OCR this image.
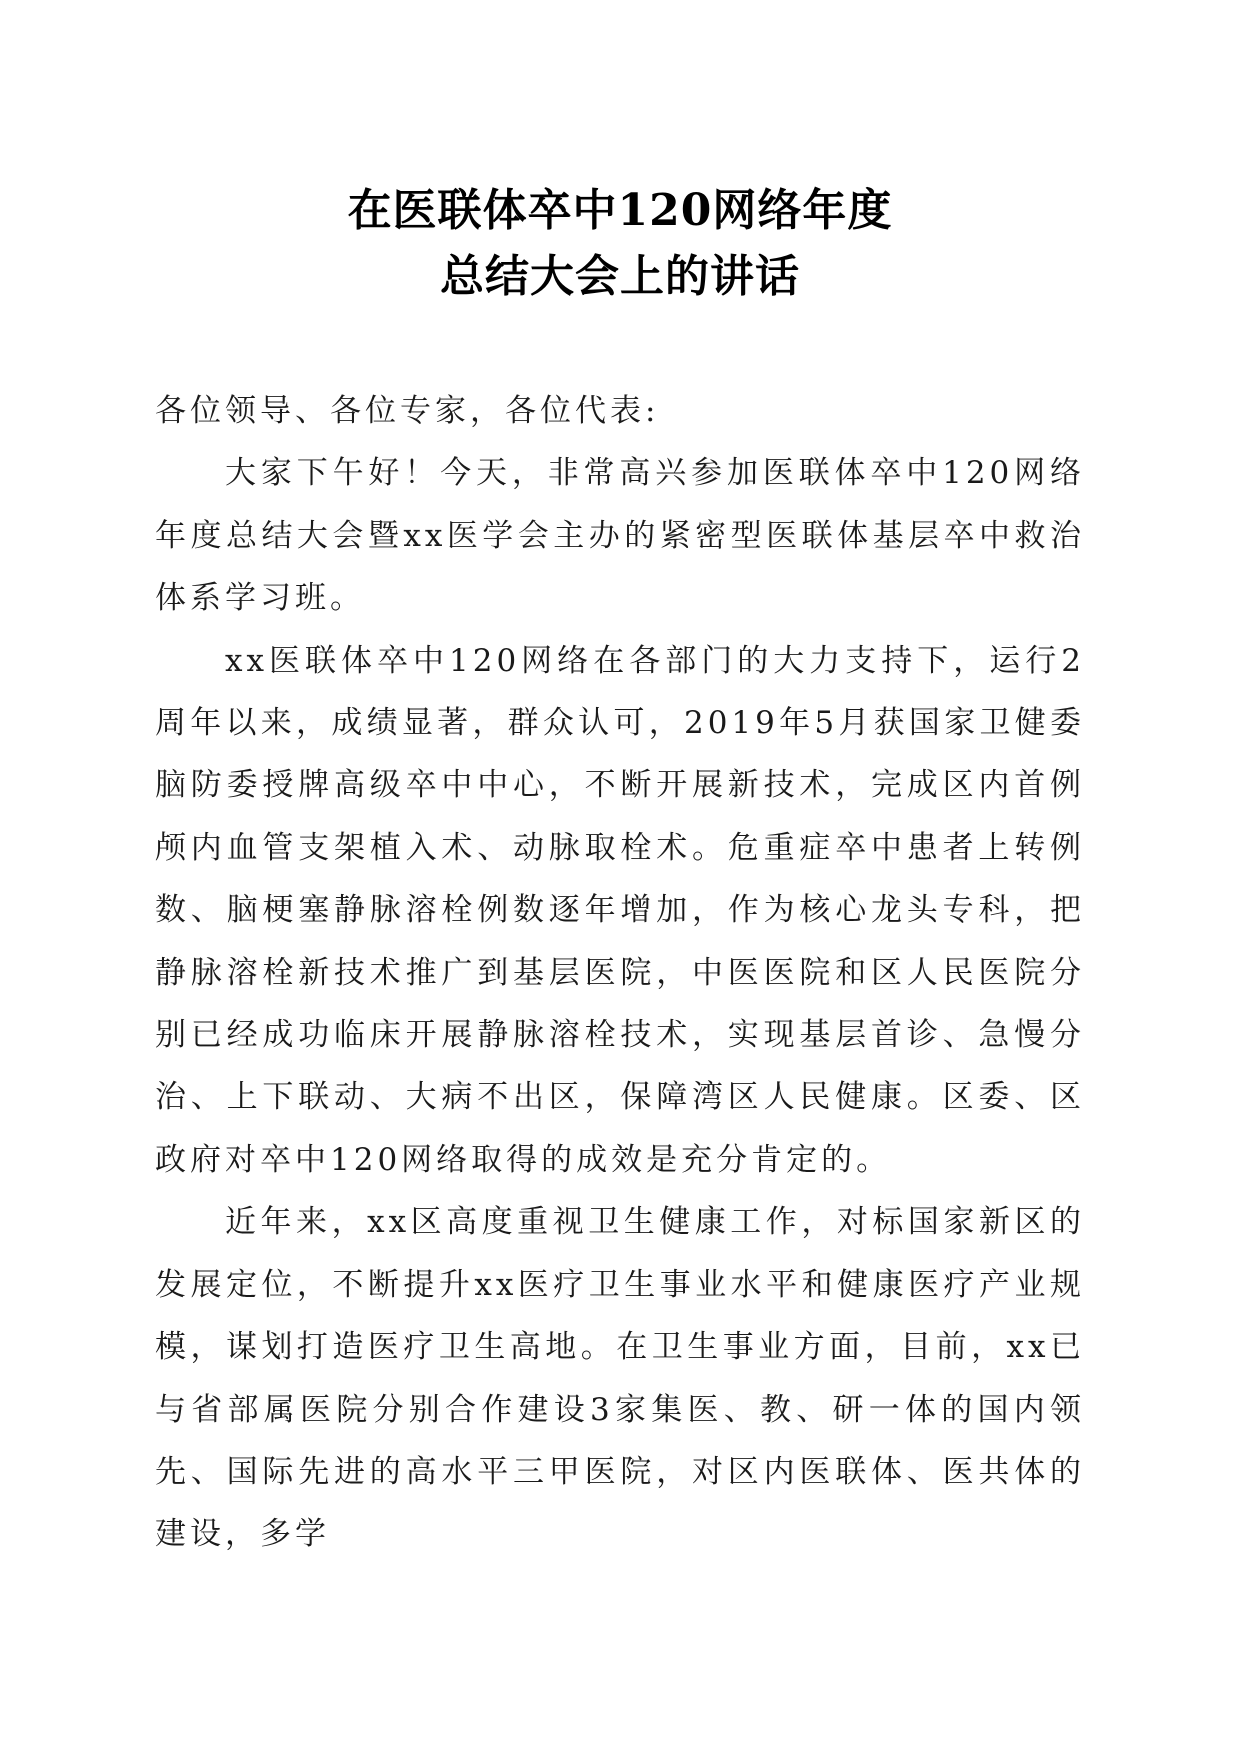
在医联体卒中120网络年度
总结大会上的讲话

各位领导、各位专家，各位代表:

大家下午好！今天，非常高兴参加医联体卒中120网络年度总结大会暨xx医学会主办的紧密型医联体基层卒中救治体系学习班。

xx医联体卒中120网络在各部门的大力支持下，运行2周年以来，成绩显著，群众认可，2019年5月获国家卫健委脑防委授牌高级卒中中心，不断开展新技术，完成区内首例颅内血管支架植入术、动脉取栓术。危重症卒中患者上转例数、脑梗塞静脉溶栓例数逐年增加，作为核心龙头专科，把静脉溶栓新技术推广到基层医院，中医医院和区人民医院分别已经成功临床开展静脉溶栓技术，实现基层首诊、急慢分治、上下联动、大病不出区，保障湾区人民健康。区委、区政府对卒中120网络取得的成效是充分肯定的。

近年来，xx区高度重视卫生健康工作，对标国家新区的发展定位，不断提升xx医疗卫生事业水平和健康医疗产业规模，谋划打造医疗卫生高地。在卫生事业方面，目前，xx已与省部属医院分别合作建设3家集医、教、研一体的国内领先、国际先进的高水平三甲医院，对区内医联体、医共体的建设，多学
